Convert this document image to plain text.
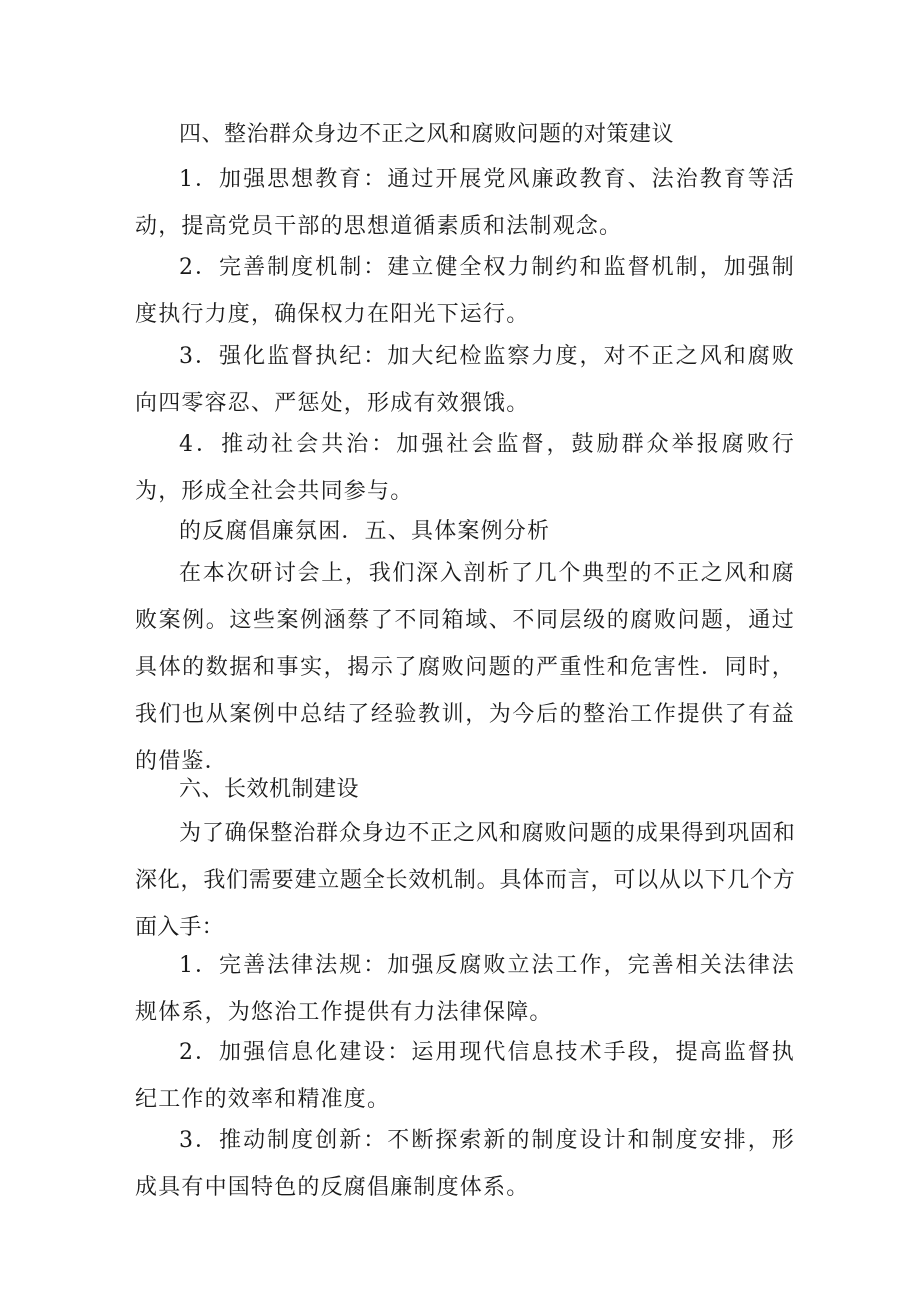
四、整治群众身边不正之风和腐败问题的对策建议

1．加强思想教育：通过开展党风廉政教育、法治教育等活动，提高党员干部的思想道循素质和法制观念。

2．完善制度机制：建立健全权力制约和监督机制，加强制度执行力度，确保权力在阳光下运行。

3．强化监督执纪：加大纪检监察力度，对不正之风和腐败向四零容忍、严惩处，形成有效猥饿。

4．推动社会共治：加强社会监督，鼓励群众举报腐败行为，形成全社会共同参与。

的反腐倡廉氛困．五、具体案例分析

在本次研讨会上，我们深入剖析了几个典型的不正之风和腐败案例。这些案例涵蔡了不同箱域、不同层级的腐败问题，通过具体的数据和事实，揭示了腐败问题的严重性和危害性．同时，我们也从案例中总结了经验教训，为今后的整治工作提供了有益的借鉴．

六、长效机制建设

为了确保整治群众身边不正之风和腐败问题的成果得到巩固和深化，我们需要建立题全长效机制。具体而言，可以从以下几个方面入手：

1．完善法律法规：加强反腐败立法工作，完善相关法律法规体系，为悠治工作提供有力法律保障。

2．加强信息化建设：运用现代信息技术手段，提高监督执纪工作的效率和精准度。

3．推动制度创新：不断探索新的制度设计和制度安排，形成具有中国特色的反腐倡廉制度体系。
